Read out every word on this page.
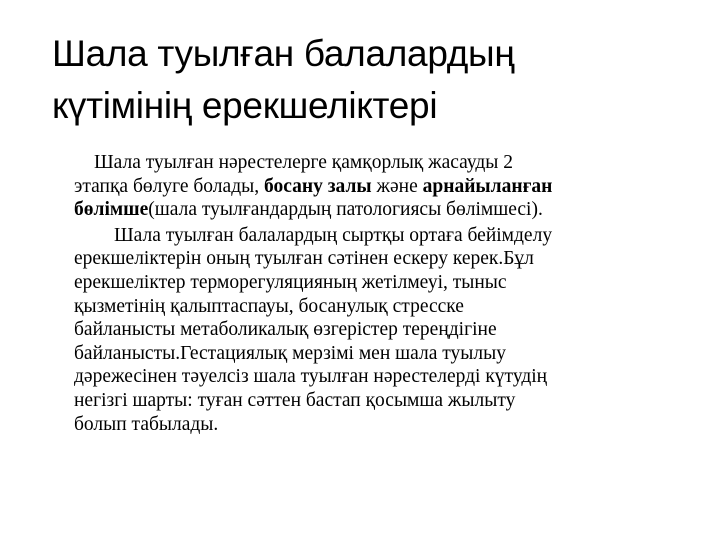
Шала туылған балалардың
күтімінің ерекшеліктері

Шала туылған нәрестелерге қамқорлық жасауды 2
этапқа бөлуге болады, босану залы және арнайыланған
бөлімше(шала туылғандардың патологиясы бөлімшесі).

Шала туылған балалардың сыртқы ортаға бейімделу
ерекшеліктерін оның туылған сәтінен ескеру керек.Бұл
ерекшеліктер терморегуляцияның жетілмеуі, тыныс
қызметінің қалыптаспауы, босанулық стресске
байланысты метаболикалық өзгерістер тереңдігіне
байланысты.Гестациялық мерзімі мен шала туылыу
дәрежесінен тәуелсіз шала туылған нәрестелерді күтудің
негізгі шарты: туған сәттен бастап қосымша жылыту
болып табылады.
